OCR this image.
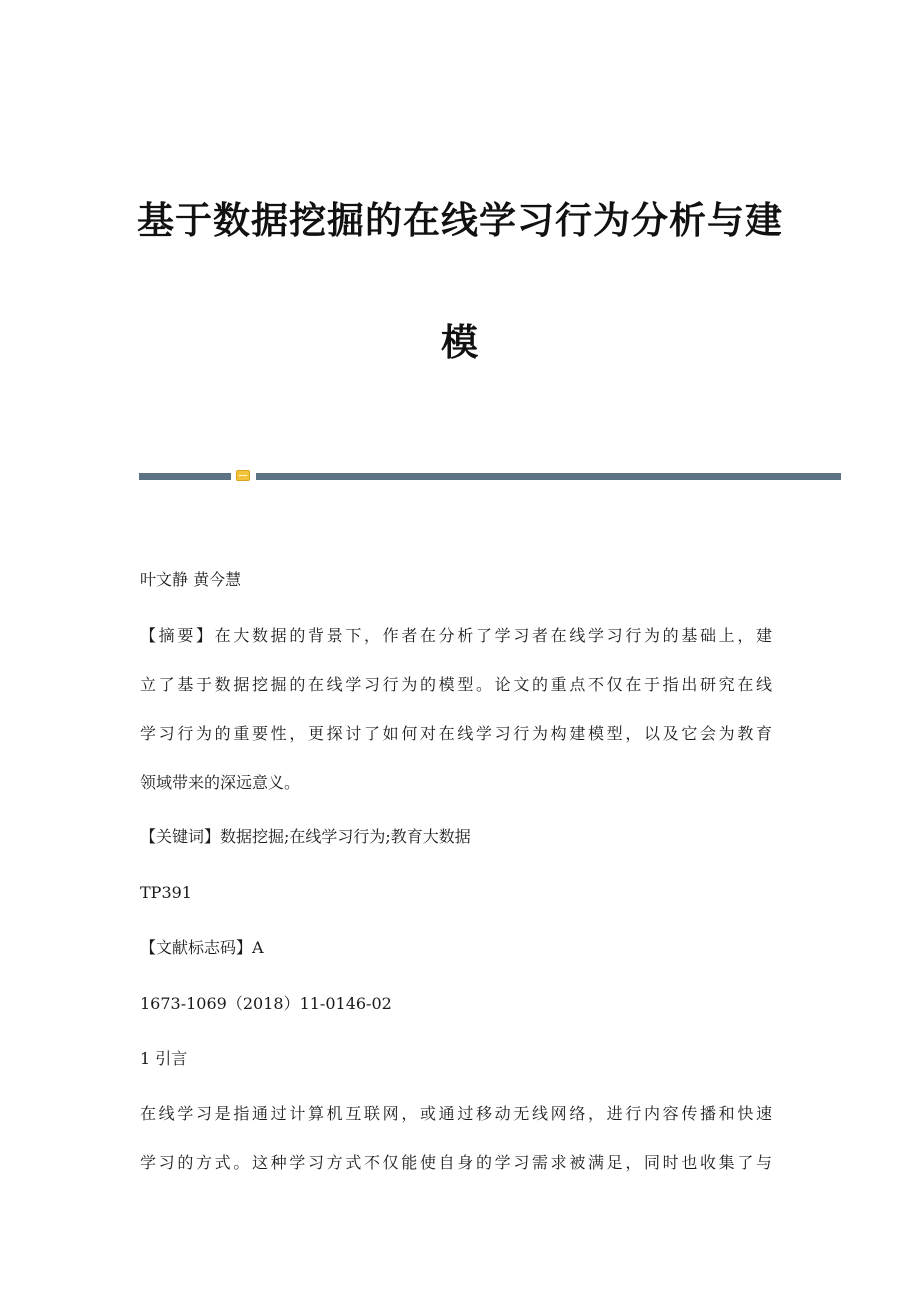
基于数据挖掘的在线学习行为分析与建
模

叶文静 黄今慧

【摘要】在大数据的背景下，作者在分析了学习者在线学习行为的基础上，建
立了基于数据挖掘的在线学习行为的模型。论文的重点不仅在于指出研究在线
学习行为的重要性，更探讨了如何对在线学习行为构建模型，以及它会为教育
领域带来的深远意义。

【关键词】数据挖掘;在线学习行为;教育大数据

TP391

【文献标志码】A

1673-1069（2018）11-0146-02

1 引言

在线学习是指通过计算机互联网，或通过移动无线网络，进行内容传播和快速
学习的方式。这种学习方式不仅能使自身的学习需求被满足，同时也收集了与
